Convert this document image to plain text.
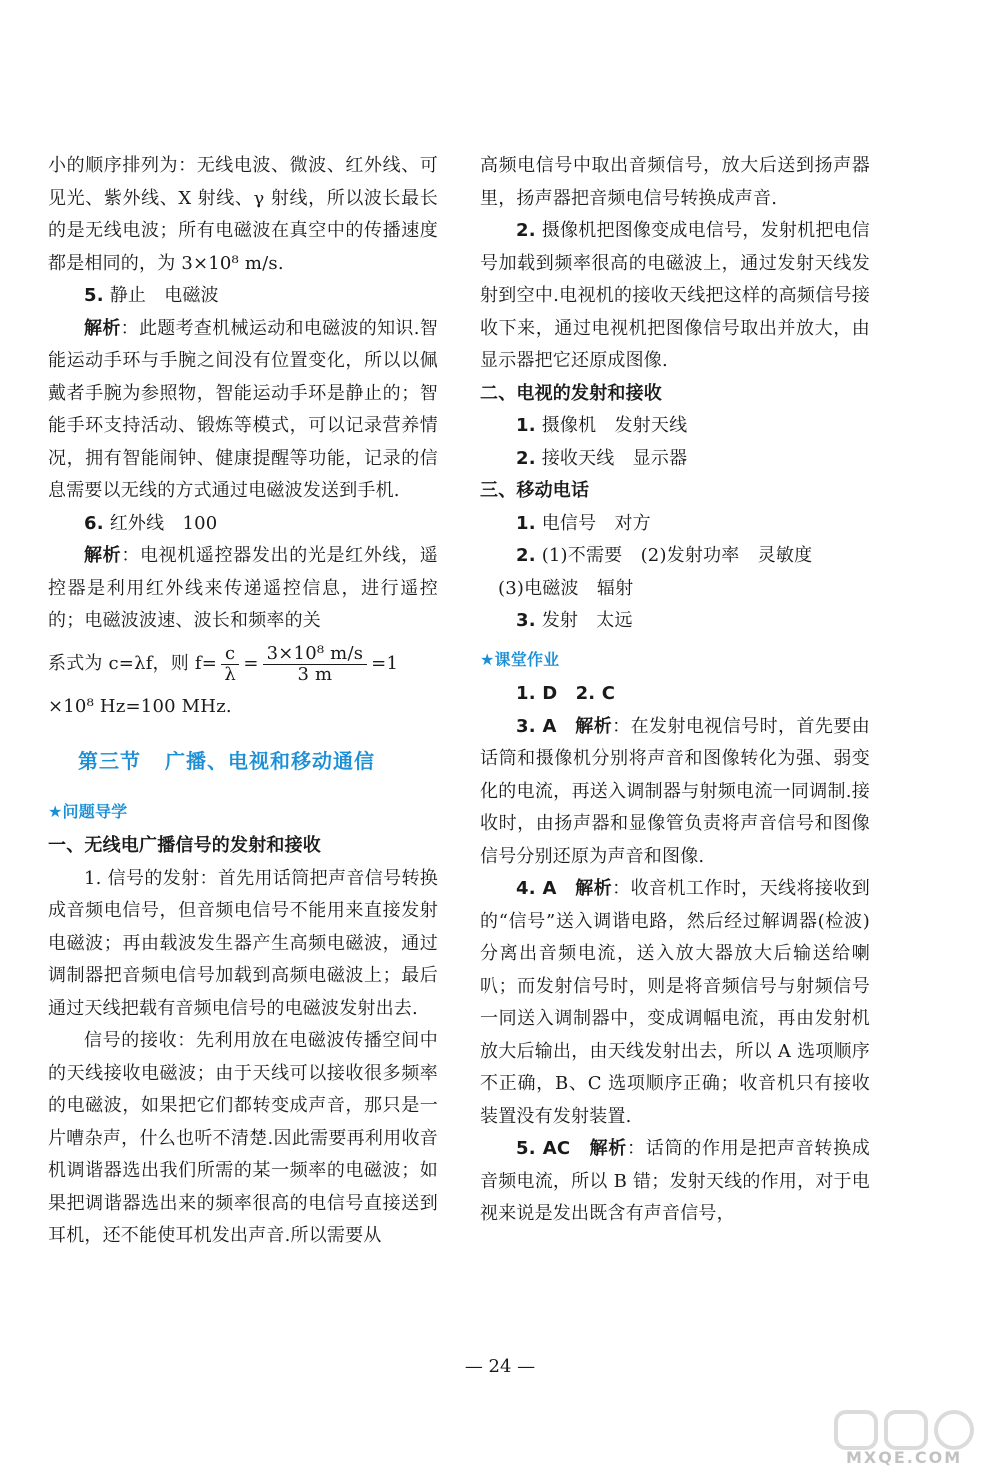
小的顺序排列为：无线电波、微波、红外线、可见光、紫外线、X 射线、γ 射线，所以波长最长的是无线电波；所有电磁波在真空中的传播速度都是相同的，为 3×10⁸ m/s.

5. 静止　电磁波

解析：此题考查机械运动和电磁波的知识.智能运动手环与手腕之间没有位置变化，所以以佩戴者手腕为参照物，智能运动手环是静止的；智能手环支持活动、锻炼等模式，可以记录营养情况，拥有智能闹钟、健康提醒等功能，记录的信息需要以无线的方式通过电磁波发送到手机.

6. 红外线　100

解析：电视机遥控器发出的光是红外线，遥控器是利用红外线来传递遥控信息，进行遥控的；电磁波波速、波长和频率的关

系式为 c=λf，则 $f= \frac{c}{\lambda} = \frac{\text{3×10⁸ m/s}}{3 m} =1$

×10⁸ Hz=100 MHz.

第三节 广播、电视和移动通信
★问题导学

一、无线电广播信号的发射和接收

1. 信号的发射：首先用话筒把声音信号转换成音频电信号，但音频电信号不能用来直接发射电磁波；再由载波发生器产生高频电磁波，通过调制器把音频电信号加载到高频电磁波上；最后通过天线把载有音频电信号的电磁波发射出去.

信号的接收：先利用放在电磁波传播空间中的天线接收电磁波；由于天线可以接收很多频率的电磁波，如果把它们都转变成声音，那只是一片嘈杂声，什么也听不清楚.因此需要再利用收音机调谐器选出我们所需的某一频率的电磁波；如果把调谐器选出来的频率很高的电信号直接送到耳机，还不能使耳机发出声音.所以需要从

高频电信号中取出音频信号，放大后送到扬声器里，扬声器把音频电信号转换成声音.

2. 摄像机把图像变成电信号，发射机把电信号加载到频率很高的电磁波上，通过发射天线发射到空中.电视机的接收天线把这样的高频信号接收下来，通过电视机把图像信号取出并放大，由显示器把它还原成图像.

二、电视的发射和接收

1. 摄像机　发射天线

2. 接收天线　显示器

三、移动电话

1. 电信号　对方

2. (1)不需要　(2)发射功率　灵敏度

(3)电磁波　辐射

3. 发射　太远

★课堂作业

1. D　2. C

3. A　 解析：在发射电视信号时，首先要由话筒和摄像机分别将声音和图像转化为强、弱变化的电流，再送入调制器与射频电流一同调制.接收时，由扬声器和显像管负责将声音信号和图像信号分别还原为声音和图像.

4. A　 解析：收音机工作时，天线将接收到的“信号”送入调谐电路，然后经过解调器(检波)分离出音频电流，送入放大器放大后输送给喇叭；而发射信号时，则是将音频信号与射频信号一同送入调制器中，变成调幅电流，再由发射机放大后输出，由天线发射出去，所以 A 选项顺序不正确，B、C 选项顺序正确；收音机只有接收装置没有发射装置.

5. AC　 解析：话筒的作用是把声音转换成音频电流，所以 B 错；发射天线的作用，对于电视来说是发出既含有声音信号，

— 24 —
MXQE.COM
